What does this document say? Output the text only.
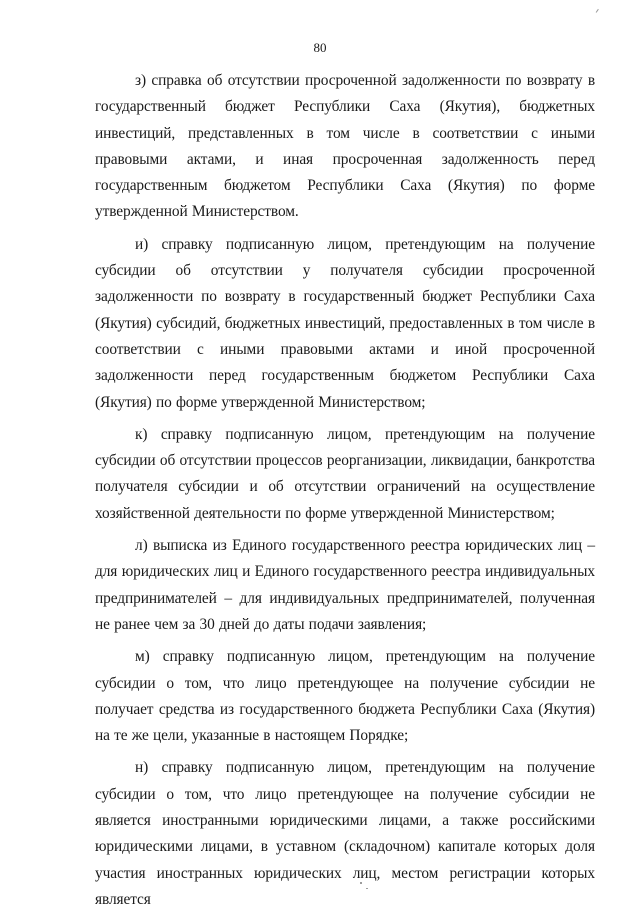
80

з) справка об отсутствии просроченной задолженности по возврату в государственный бюджет Республики Саха (Якутия), бюджетных инвестиций, представленных в том числе в соответствии с иными правовыми актами, и иная просроченная задолженность перед государственным бюджетом Республики Саха (Якутия) по форме утвержденной Министерством.

и) справку подписанную лицом, претендующим на получение субсидии об отсутствии у получателя субсидии просроченной задолженности по возврату в государственный бюджет Республики Саха (Якутия) субсидий, бюджетных инвестиций, предоставленных в том числе в соответствии с иными правовыми актами и иной просроченной задолженности перед государственным бюджетом Республики Саха (Якутия) по форме утвержденной Министерством;

к) справку подписанную лицом, претендующим на получение субсидии об отсутствии процессов реорганизации, ликвидации, банкротства получателя субсидии и об отсутствии ограничений на осуществление хозяйственной деятельности по форме утвержденной Министерством;

л) выписка из Единого государственного реестра юридических лиц – для юридических лиц и Единого государственного реестра индивидуальных предпринимателей – для индивидуальных предпринимателей, полученная не ранее чем за 30 дней до даты подачи заявления;

м) справку подписанную лицом, претендующим на получение субсидии о том, что лицо претендующее на получение субсидии не получает средства из государственного бюджета Республики Саха (Якутия) на те же цели, указанные в настоящем Порядке;

н) справку подписанную лицом, претендующим на получение субсидии о том, что лицо претендующее на получение субсидии не является иностранными юридическими лицами, а также российскими юридическими лицами, в уставном (складочном) капитале которых доля участия иностранных юридических лиц, местом регистрации которых является
